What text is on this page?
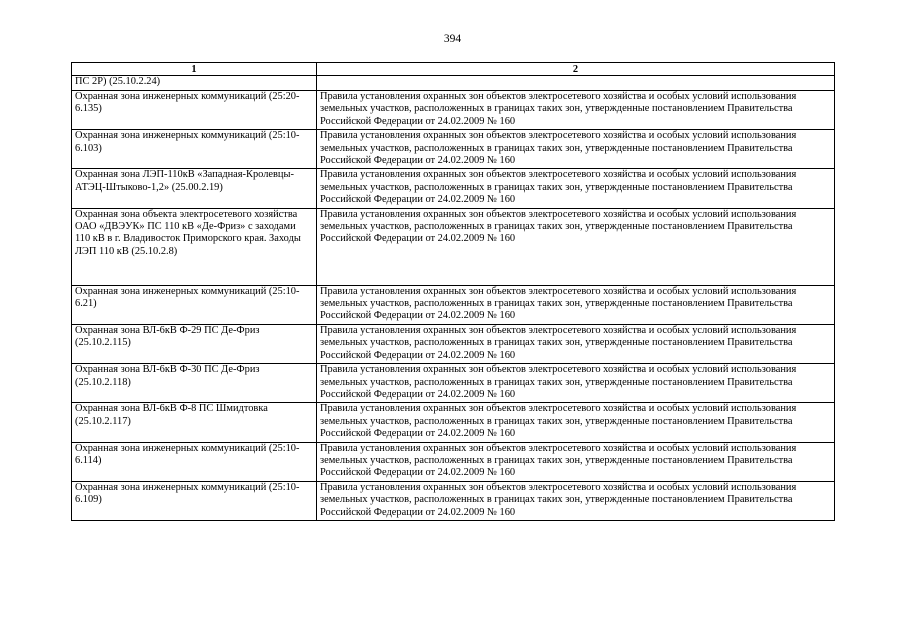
394
1	2
ПС 2Р) (25.10.2.24)	
Охранная зона инженерных коммуникаций (25:20-6.135)	Правила установления охранных зон объектов электросетевого хозяйства и особых условий использования земельных участков, расположенных в границах таких зон, утвержденные постановлением Правительства Российской Федерации от 24.02.2009 № 160
Охранная зона инженерных коммуникаций (25:10-6.103)	Правила установления охранных зон объектов электросетевого хозяйства и особых условий использования земельных участков, расположенных в границах таких зон, утвержденные постановлением Правительства Российской Федерации от 24.02.2009 № 160
Охранная зона ЛЭП-110кВ «Западная-Кролевцы-АТЭЦ-Штыково-1,2» (25.00.2.19)	Правила установления охранных зон объектов электросетевого хозяйства и особых условий использования земельных участков, расположенных в границах таких зон, утвержденные постановлением Правительства Российской Федерации от 24.02.2009 № 160
Охранная зона объекта электросетевого хозяйства ОАО «ДВЭУК» ПС 110 кВ «Де-Фриз» с заходами 110 кВ в г. Владивосток Приморского края. Заходы ЛЭП 110 кВ (25.10.2.8)	Правила установления охранных зон объектов электросетевого хозяйства и особых условий использования земельных участков, расположенных в границах таких зон, утвержденные постановлением Правительства Российской Федерации от 24.02.2009 № 160
Охранная зона инженерных коммуникаций (25:10-6.21)	Правила установления охранных зон объектов электросетевого хозяйства и особых условий использования земельных участков, расположенных в границах таких зон, утвержденные постановлением Правительства Российской Федерации от 24.02.2009 № 160
Охранная зона ВЛ-6кВ Ф-29 ПС Де-Фриз (25.10.2.115)	Правила установления охранных зон объектов электросетевого хозяйства и особых условий использования земельных участков, расположенных в границах таких зон, утвержденные постановлением Правительства Российской Федерации от 24.02.2009 № 160
Охранная зона ВЛ-6кВ Ф-30 ПС Де-Фриз (25.10.2.118)	Правила установления охранных зон объектов электросетевого хозяйства и особых условий использования земельных участков, расположенных в границах таких зон, утвержденные постановлением Правительства Российской Федерации от 24.02.2009 № 160
Охранная зона ВЛ-6кВ Ф-8 ПС Шмидтовка (25.10.2.117)	Правила установления охранных зон объектов электросетевого хозяйства и особых условий использования земельных участков, расположенных в границах таких зон, утвержденные постановлением Правительства Российской Федерации от 24.02.2009 № 160
Охранная зона инженерных коммуникаций (25:10-6.114)	Правила установления охранных зон объектов электросетевого хозяйства и особых условий использования земельных участков, расположенных в границах таких зон, утвержденные постановлением Правительства Российской Федерации от 24.02.2009 № 160
Охранная зона инженерных коммуникаций (25:10-6.109)	Правила установления охранных зон объектов электросетевого хозяйства и особых условий использования земельных участков, расположенных в границах таких зон, утвержденные постановлением Правительства Российской Федерации от 24.02.2009 № 160
